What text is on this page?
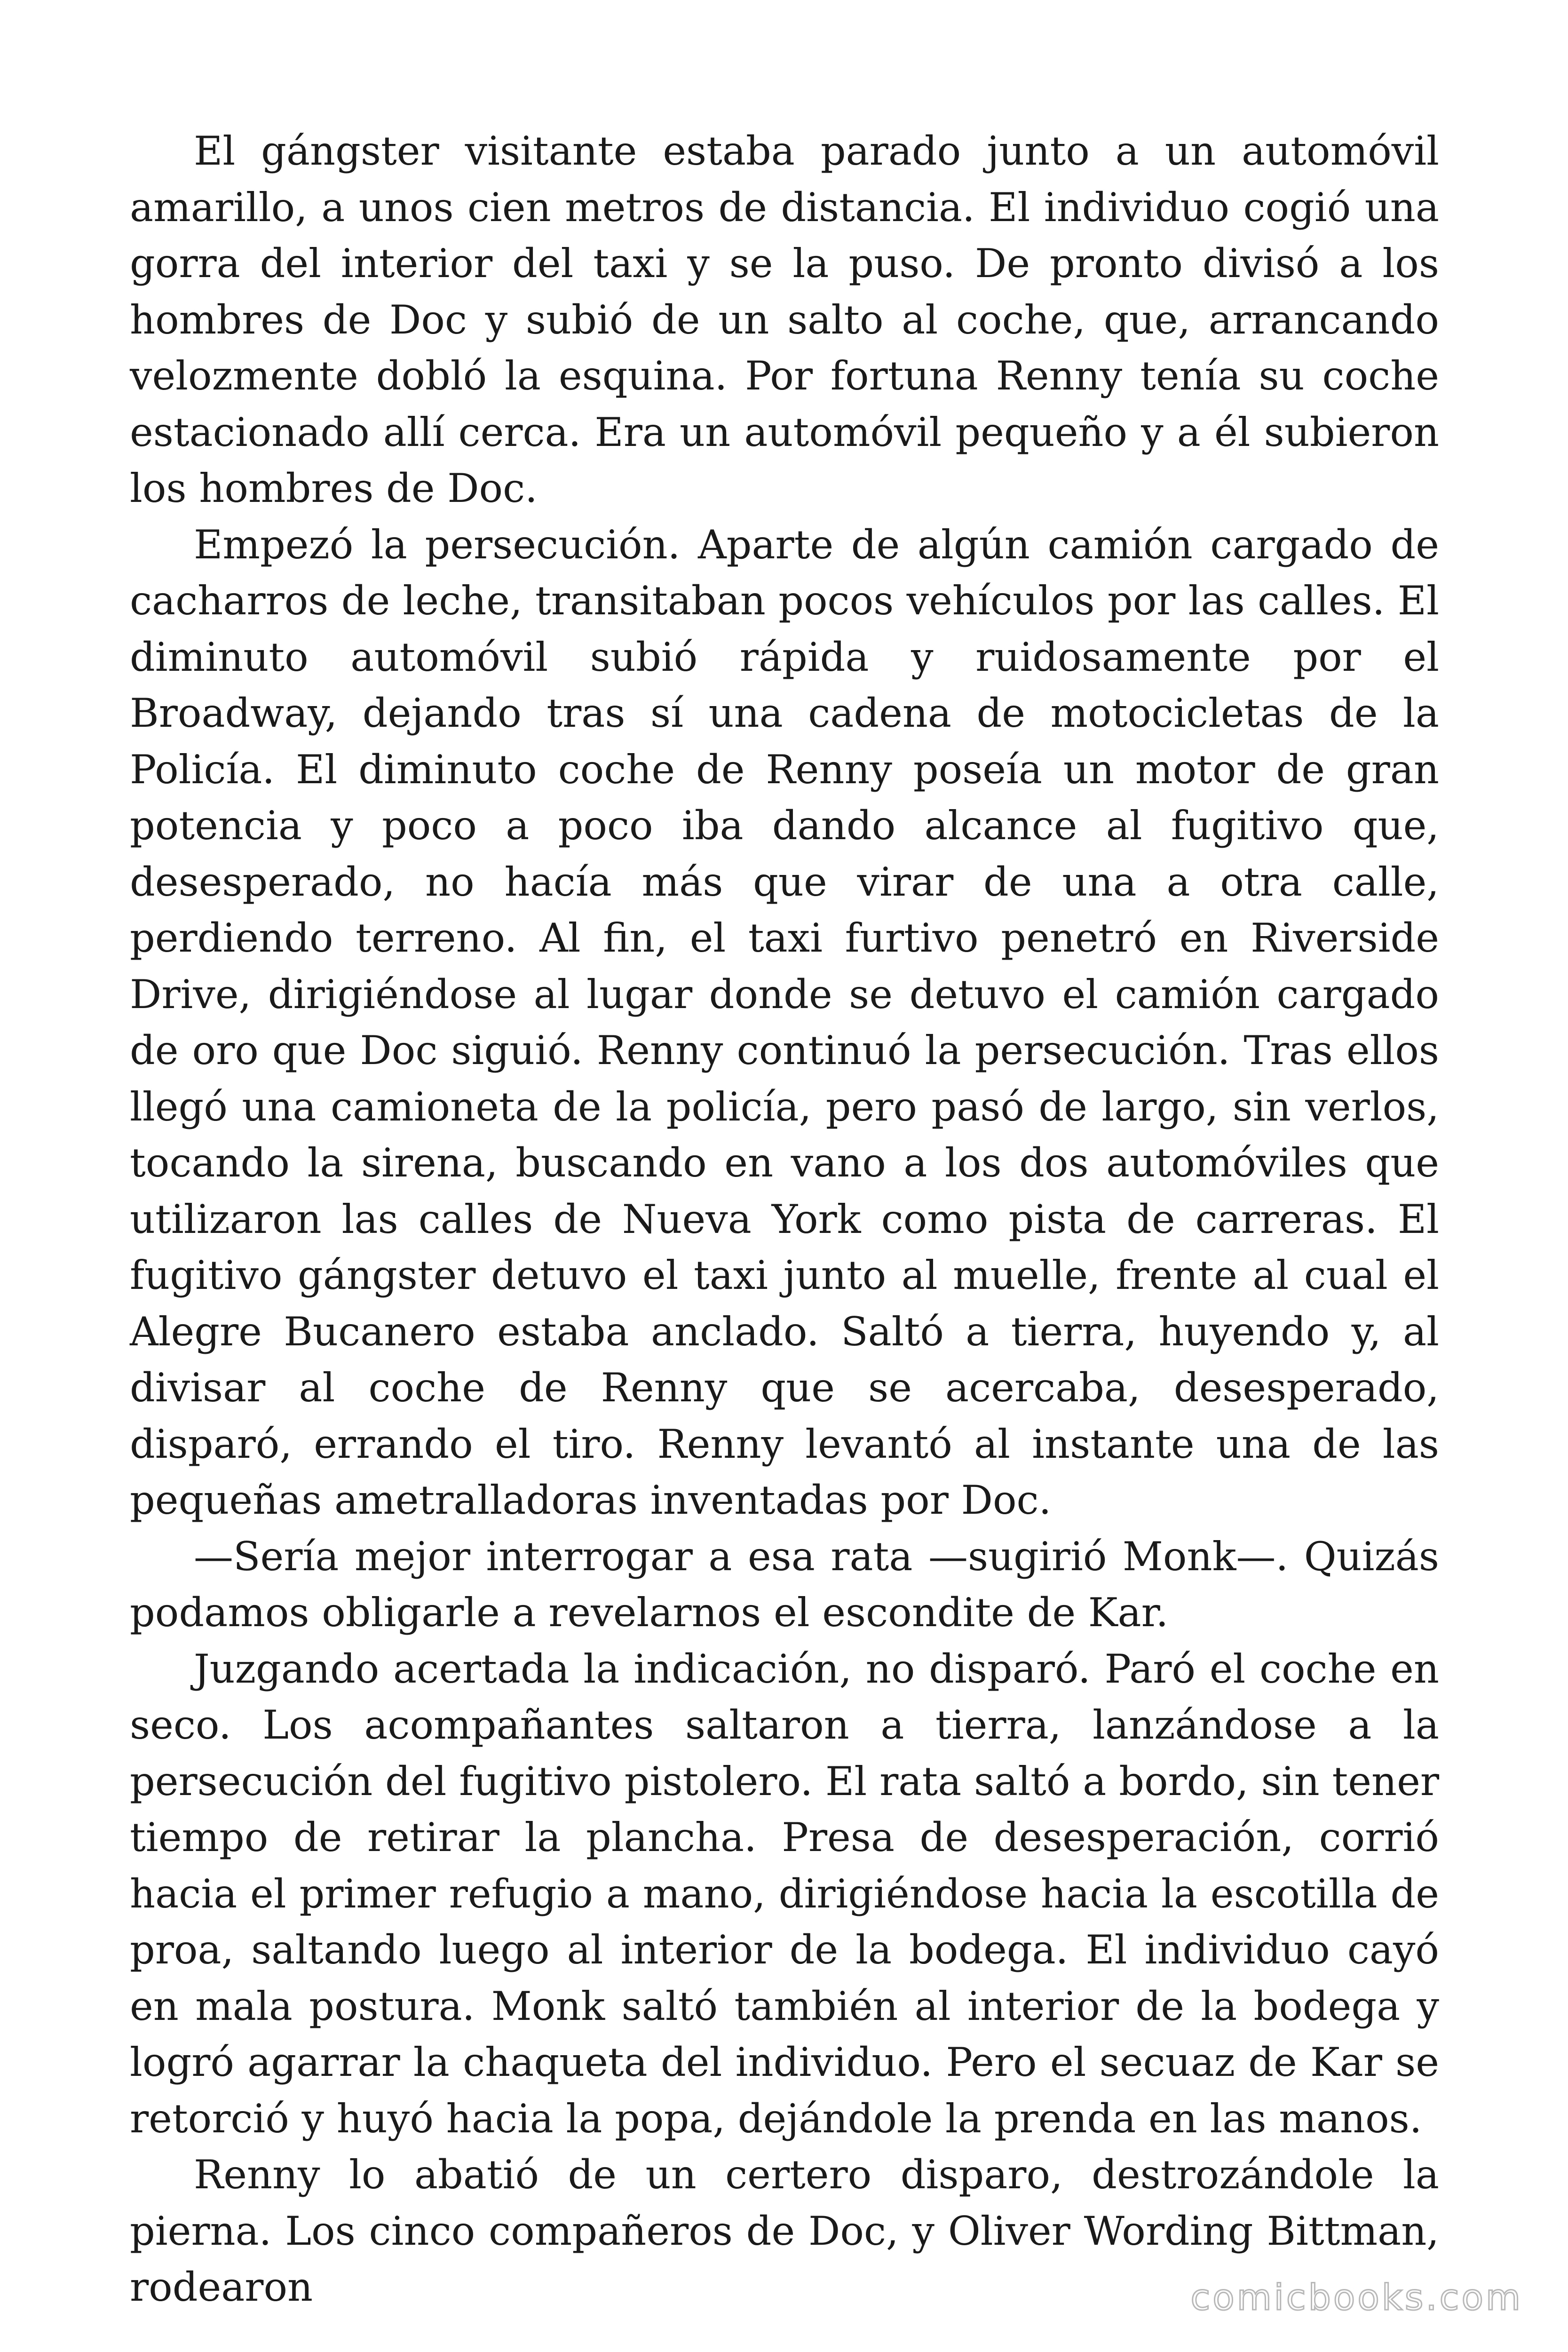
El gángster visitante estaba parado junto a un automóvil amarillo, a unos cien metros de distancia. El individuo cogió una gorra del interior del taxi y se la puso. De pronto divisó a los hombres de Doc y subió de un salto al coche, que, arrancando velozmente dobló la esquina. Por fortuna Renny tenía su coche estacionado allí cerca. Era un automóvil pequeño y a él subieron los hombres de Doc.

Empezó la persecución. Aparte de algún camión cargado de cacharros de leche, transitaban pocos vehículos por las calles. El diminuto automóvil subió rápida y ruidosamente por el Broadway, dejando tras sí una cadena de motocicletas de la Policía. El diminuto coche de Renny poseía un motor de gran potencia y poco a poco iba dando alcance al fugitivo que, desesperado, no hacía más que virar de una a otra calle, perdiendo terreno. Al fin, el taxi furtivo penetró en Riverside Drive, dirigiéndose al lugar donde se detuvo el camión cargado de oro que Doc siguió. Renny continuó la persecución. Tras ellos llegó una camioneta de la policía, pero pasó de largo, sin verlos, tocando la sirena, buscando en vano a los dos automóviles que utilizaron las calles de Nueva York como pista de carreras. El fugitivo gángster detuvo el taxi junto al muelle, frente al cual el Alegre Bucanero estaba anclado. Saltó a tierra, huyendo y, al divisar al coche de Renny que se acercaba, desesperado, disparó, errando el tiro. Renny levantó al instante una de las pequeñas ametralladoras inventadas por Doc.

—Sería mejor interrogar a esa rata —sugirió Monk—. Quizás podamos obligarle a revelarnos el escondite de Kar.

Juzgando acertada la indicación, no disparó. Paró el coche en seco. Los acompañantes saltaron a tierra, lanzándose a la persecución del fugitivo pistolero. El rata saltó a bordo, sin tener tiempo de retirar la plancha. Presa de desesperación, corrió hacia el primer refugio a mano, dirigiéndose hacia la escotilla de proa, saltando luego al interior de la bodega. El individuo cayó en mala postura. Monk saltó también al interior de la bodega y logró agarrar la chaqueta del individuo. Pero el secuaz de Kar se retorció y huyó hacia la popa, dejándole la prenda en las manos.

Renny lo abatió de un certero disparo, destrozándole la pierna. Los cinco compañeros de Doc, y Oliver Wording Bittman, rodearon	comicbooks.com
